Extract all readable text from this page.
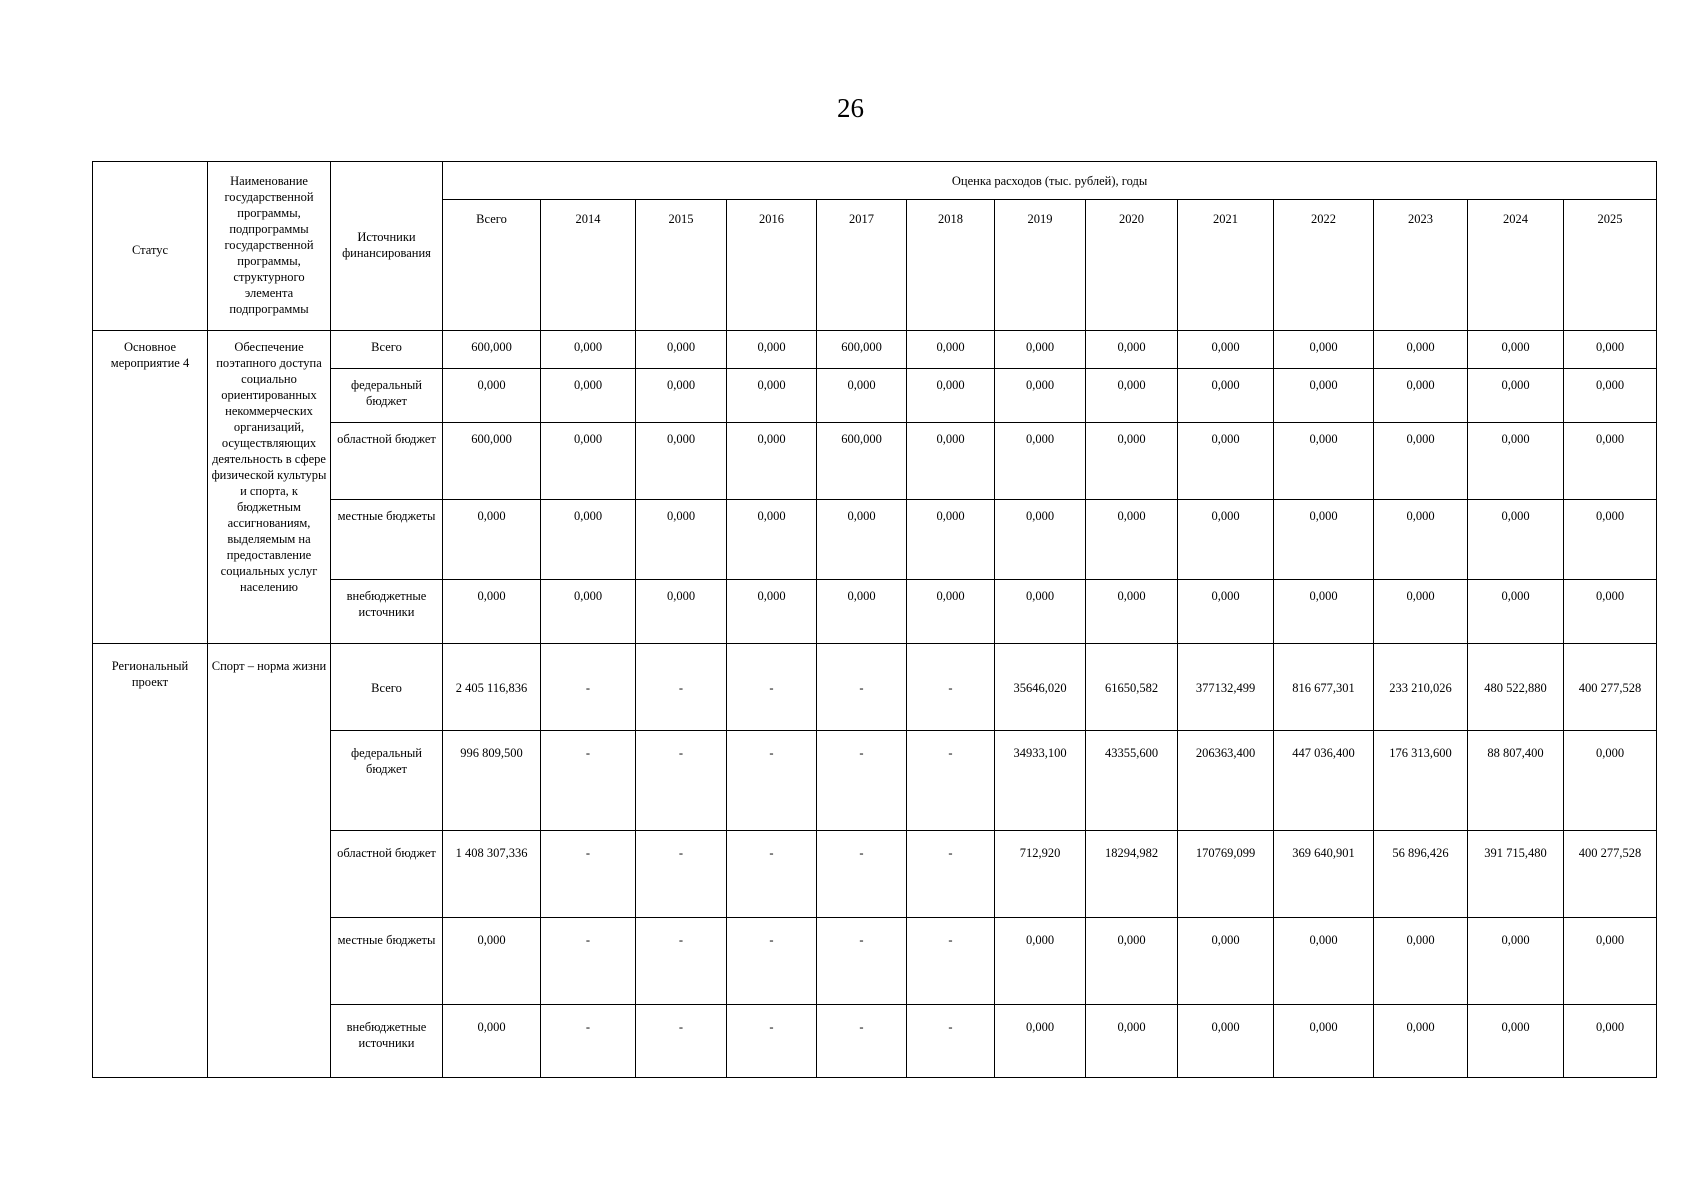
26
Статус	Наименование государственной программы, подпрограммы государственной программы, структурного элемента подпрограммы	Источники финансирования	Оценка расходов (тыс. рублей), годы												
			Всего	2014	2015	2016	2017	2018	2019	2020	2021	2022	2023	2024	2025
Основное мероприятие 4	Обеспечение поэтапного доступа социально ориентированных некоммерческих организаций, осуществляющих деятельность в сфере физической культуры и спорта, к бюджетным ассигнованиям, выделяемым на предоставление социальных услуг населению	Всего	600,000	0,000	0,000	0,000	600,000	0,000	0,000	0,000	0,000	0,000	0,000	0,000	0,000
		федеральный бюджет	0,000	0,000	0,000	0,000	0,000	0,000	0,000	0,000	0,000	0,000	0,000	0,000	0,000
		областной бюджет	600,000	0,000	0,000	0,000	600,000	0,000	0,000	0,000	0,000	0,000	0,000	0,000	0,000
		местные бюджеты	0,000	0,000	0,000	0,000	0,000	0,000	0,000	0,000	0,000	0,000	0,000	0,000	0,000
		внебюджетные источники	0,000	0,000	0,000	0,000	0,000	0,000	0,000	0,000	0,000	0,000	0,000	0,000	0,000
Региональный проект	Спорт – норма жизни	Всего	2 405 116,836	-	-	-	-	-	35646,020	61650,582	377132,499	816 677,301	233 210,026	480 522,880	400 277,528
		федеральный бюджет	996 809,500	-	-	-	-	-	34933,100	43355,600	206363,400	447 036,400	176 313,600	88 807,400	0,000
		областной бюджет	1 408 307,336	-	-	-	-	-	712,920	18294,982	170769,099	369 640,901	56 896,426	391 715,480	400 277,528
		местные бюджеты	0,000	-	-	-	-	-	0,000	0,000	0,000	0,000	0,000	0,000	0,000
		внебюджетные источники	0,000	-	-	-	-	-	0,000	0,000	0,000	0,000	0,000	0,000	0,000
